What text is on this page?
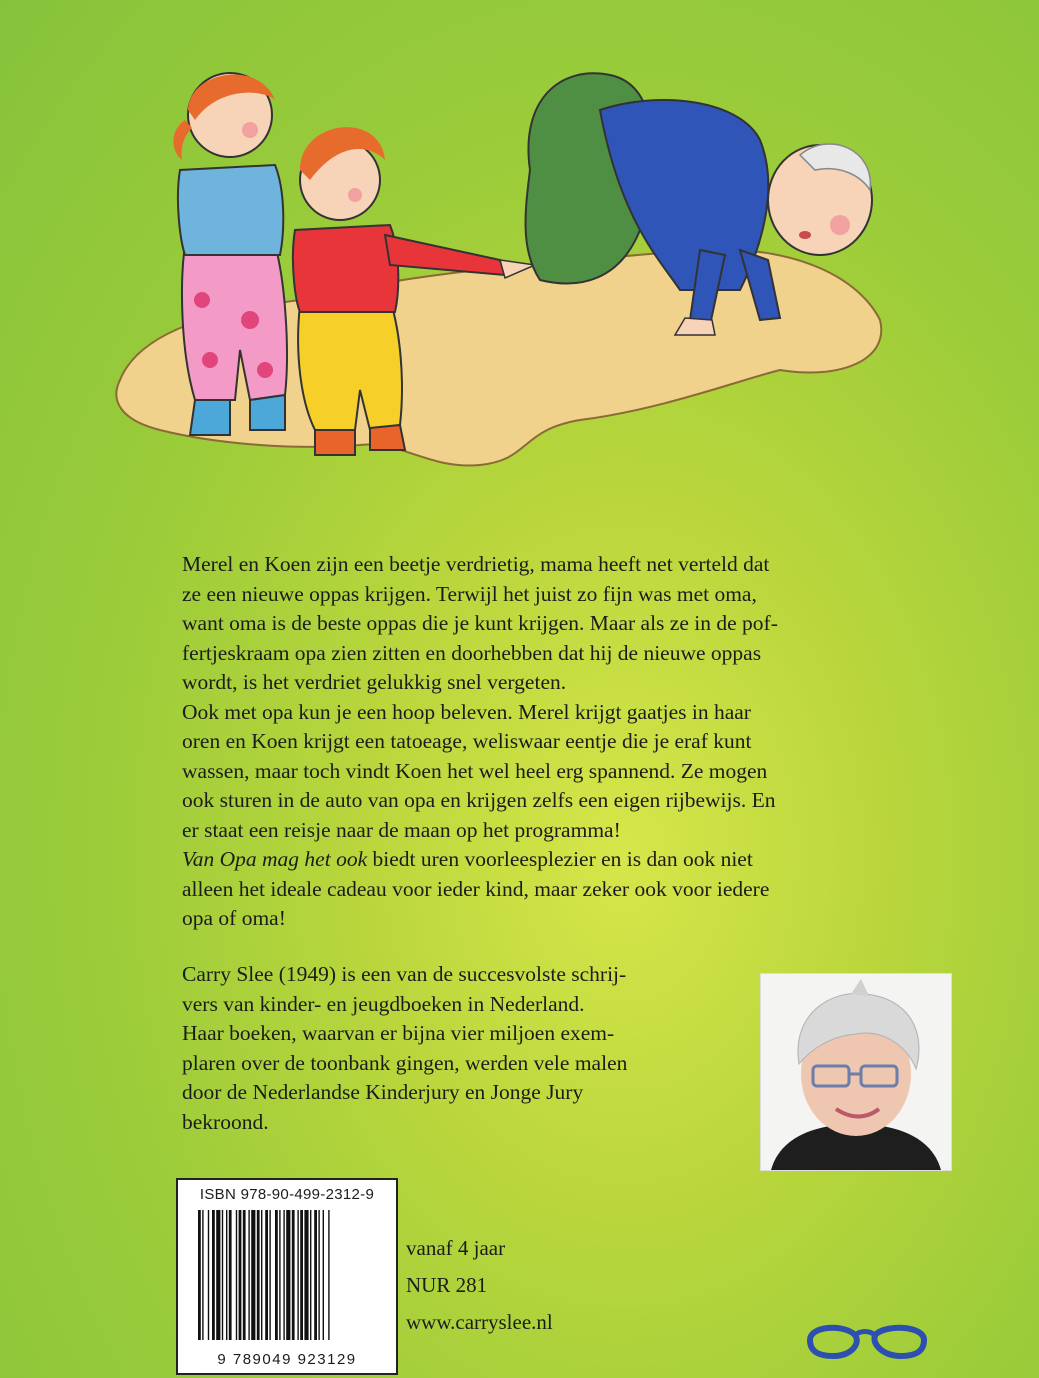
Merel en Koen zijn een beetje verdrietig, mama heeft net verteld dat

ze een nieuwe oppas krijgen. Terwijl het juist zo fijn was met oma,

want oma is de beste oppas die je kunt krijgen. Maar als ze in de pof-

fertjeskraam opa zien zitten en doorhebben dat hij de nieuwe oppas

wordt, is het verdriet gelukkig snel vergeten.

Ook met opa kun je een hoop beleven. Merel krijgt gaatjes in haar

oren en Koen krijgt een tatoeage, weliswaar eentje die je eraf kunt

wassen, maar toch vindt Koen het wel heel erg spannend. Ze mogen

ook sturen in de auto van opa en krijgen zelfs een eigen rijbewijs. En

er staat een reisje naar de maan op het programma!

Van Opa mag het ook biedt uren voorleesplezier en is dan ook niet

alleen het ideale cadeau voor ieder kind, maar zeker ook voor iedere

opa of oma!

Carry Slee (1949) is een van de succesvolste schrij-
vers van kinder- en jeugdboeken in Nederland.
Haar boeken, waarvan er bijna vier miljoen exem-
plaren over de toonbank gingen, werden vele malen
door de Nederlandse Kinderjury en Jonge Jury
bekroond.
ISBN 978-90-499-2312-9
9 789049 923129
vanaf 4 jaar
NUR 281
www.carryslee.nl
